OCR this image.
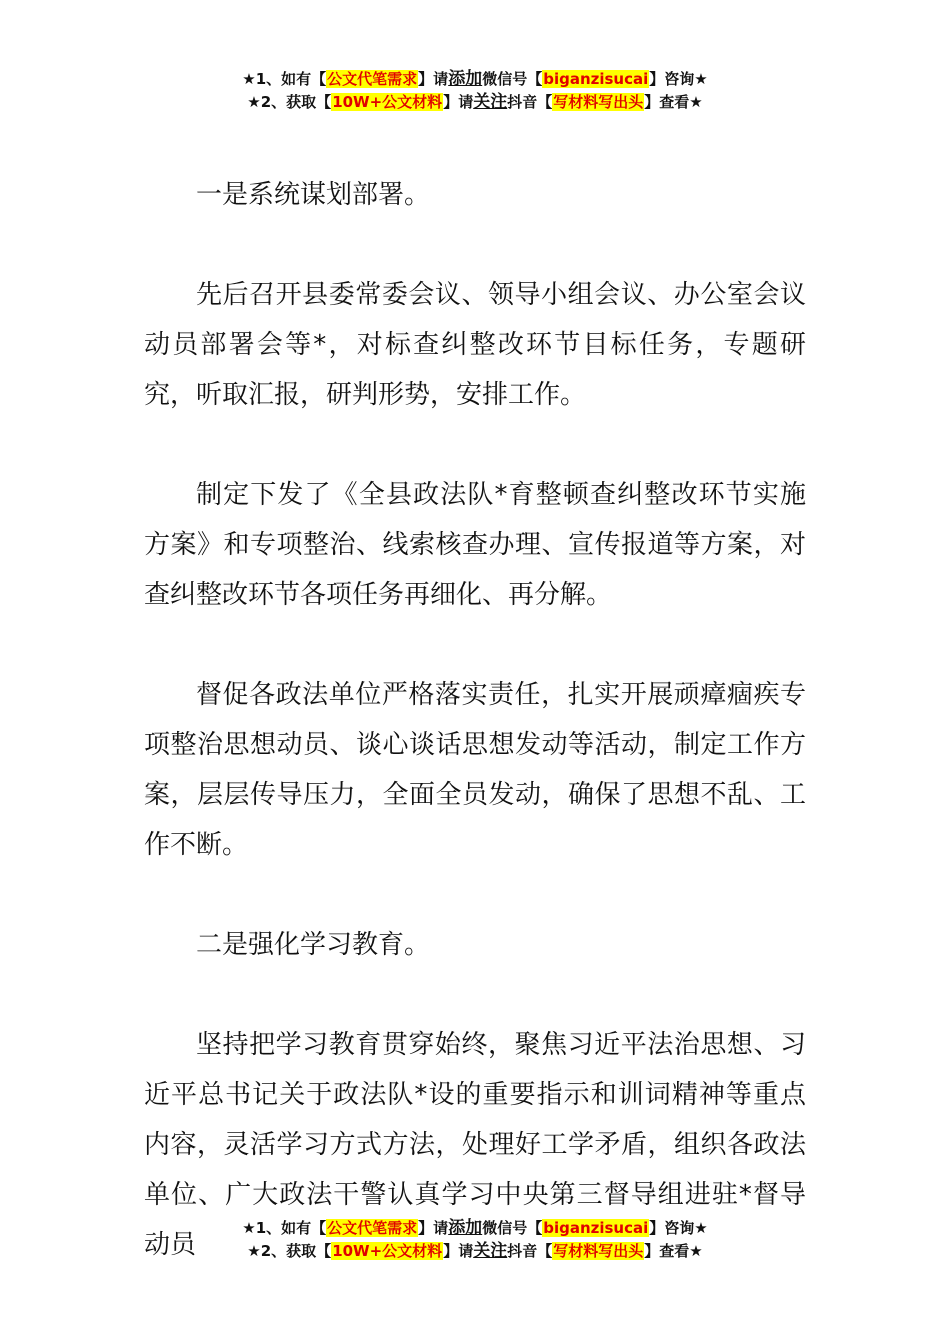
★1、如有【公文代笔需求】请添加微信号【biganzisucai】咨询★
★2、获取【10W+公文材料】请关注抖音【写材料写出头】查看★

一是系统谋划部署。

先后召开县委常委会议、领导小组会议、办公室会议动员部署会等*，对标查纠整改环节目标任务，专题研究，听取汇报，研判形势，安排工作。

制定下发了《全县政法队*育整顿查纠整改环节实施方案》和专项整治、线索核查办理、宣传报道等方案，对查纠整改环节各项任务再细化、再分解。

督促各政法单位严格落实责任，扎实开展顽瘴痼疾专项整治思想动员、谈心谈话思想发动等活动，制定工作方案，层层传导压力，全面全员发动，确保了思想不乱、工作不断。

二是强化学习教育。

坚持把学习教育贯穿始终，聚焦习近平法治思想、习近平总书记关于政法队*设的重要指示和训词精神等重点内容，灵活学习方式方法，处理好工学矛盾，组织各政法单位、广大政法干警认真学习中央第三督导组进驻*督导动员

★1、如有【公文代笔需求】请添加微信号【biganzisucai】咨询★
★2、获取【10W+公文材料】请关注抖音【写材料写出头】查看★
